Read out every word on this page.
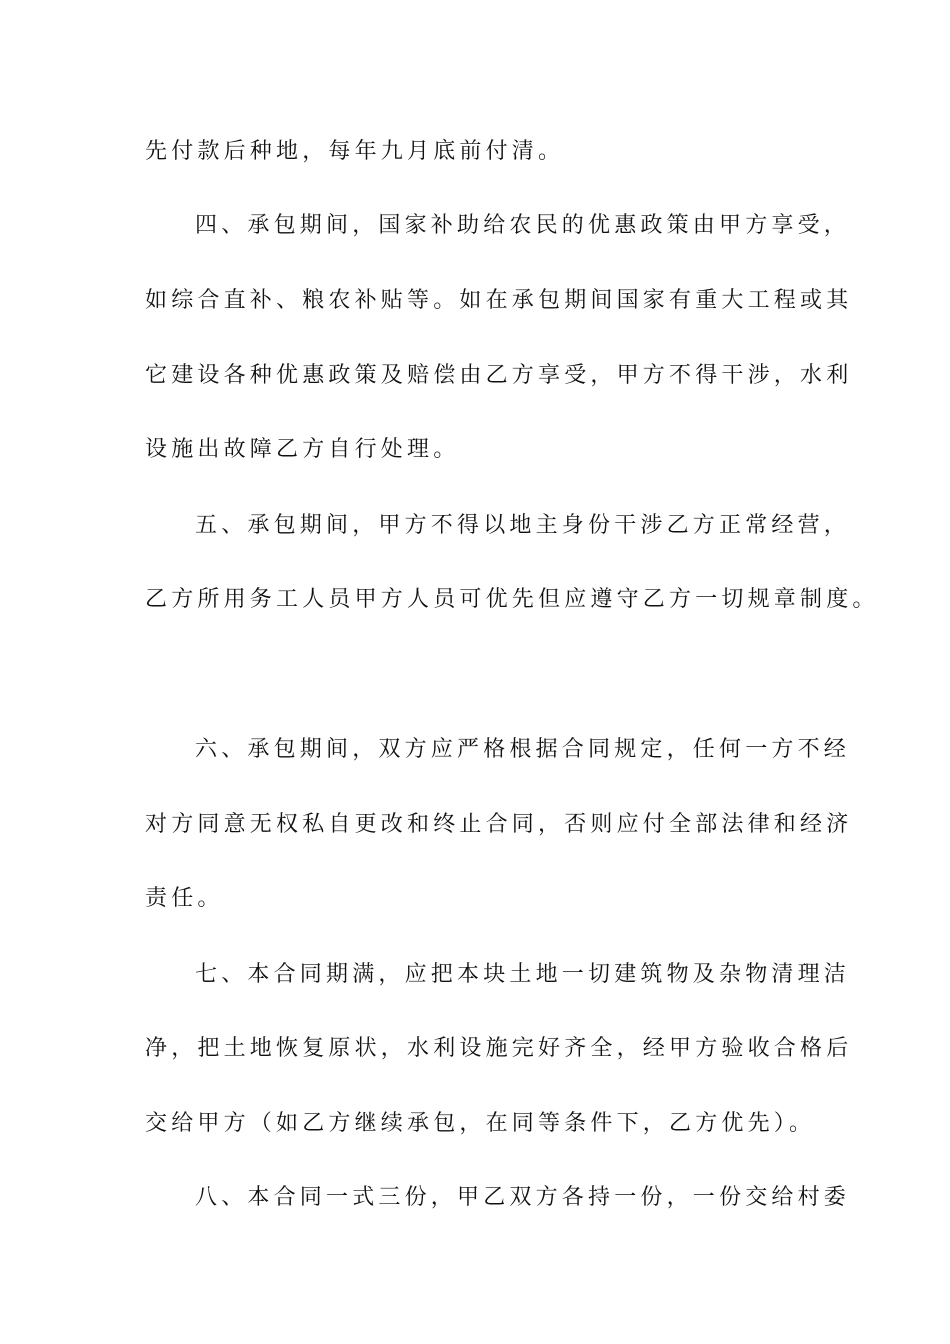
先付款后种地，每年九月底前付清。
四、承包期间，国家补助给农民的优惠政策由甲方享受，
如综合直补、粮农补贴等。如在承包期间国家有重大工程或其
它建设各种优惠政策及赔偿由乙方享受，甲方不得干涉，水利
设施出故障乙方自行处理。
五、承包期间，甲方不得以地主身份干涉乙方正常经营，
乙方所用务工人员甲方人员可优先但应遵守乙方一切规章制度。
六、承包期间，双方应严格根据合同规定，任何一方不经
对方同意无权私自更改和终止合同，否则应付全部法律和经济
责任。
七、本合同期满，应把本块土地一切建筑物及杂物清理洁
净，把土地恢复原状，水利设施完好齐全，经甲方验收合格后
交给甲方（如乙方继续承包，在同等条件下，乙方优先）。
八、本合同一式三份，甲乙双方各持一份，一份交给村委
